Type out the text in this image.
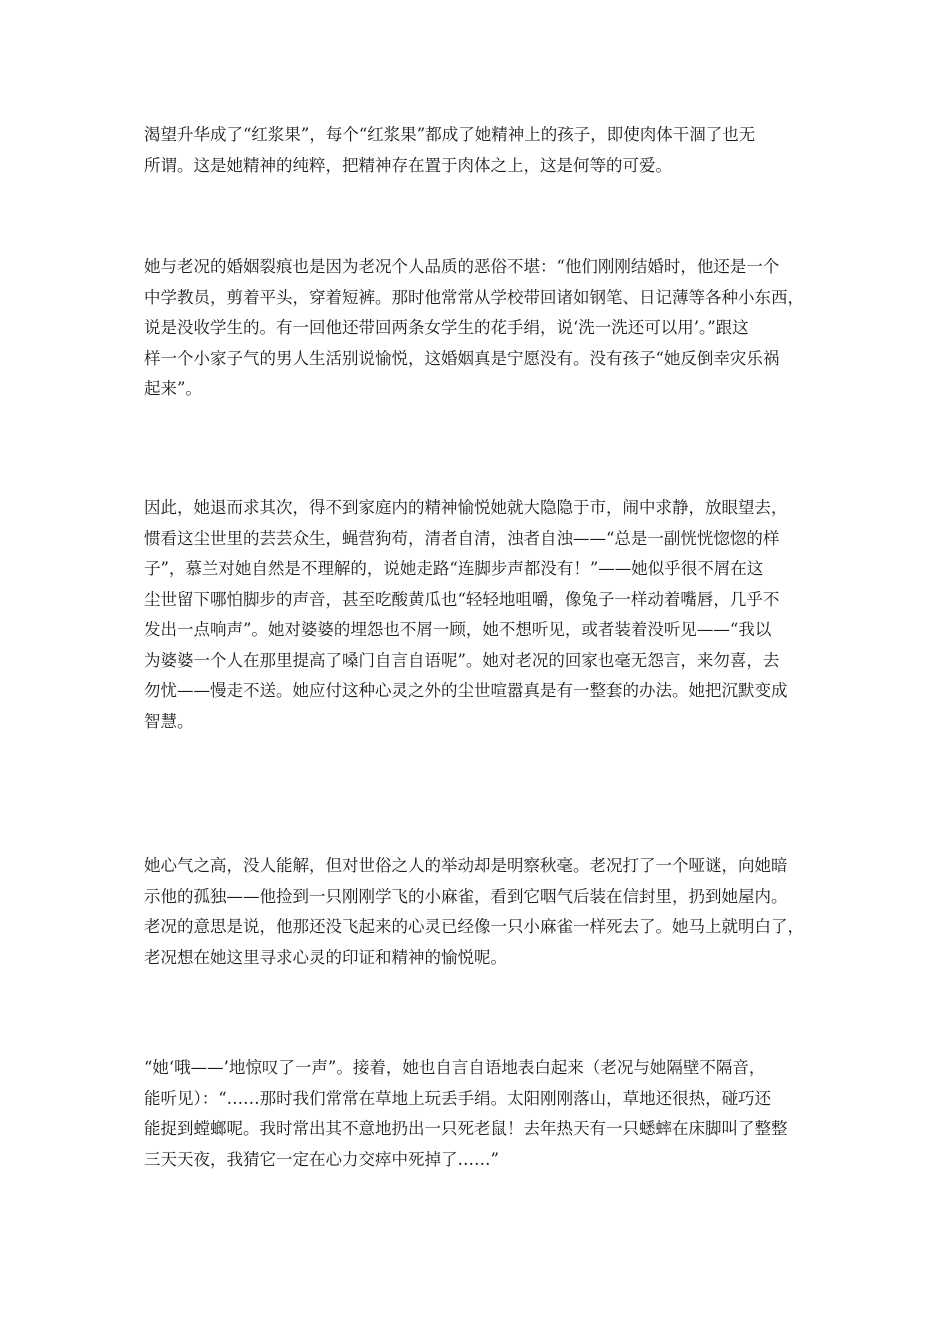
渴望升华成了“红浆果”，每个“红浆果”都成了她精神上的孩子，即使肉体干涸了也无
所谓。这是她精神的纯粹，把精神存在置于肉体之上，这是何等的可爱。

她与老况的婚姻裂痕也是因为老况个人品质的恶俗不堪：“他们刚刚结婚时，他还是一个
中学教员，剪着平头，穿着短裤。那时他常常从学校带回诸如钢笔、日记薄等各种小东西，
说是没收学生的。有一回他还带回两条女学生的花手绢，说‘洗一洗还可以用’。”跟这
样一个小家子气的男人生活别说愉悦，这婚姻真是宁愿没有。没有孩子“她反倒幸灾乐祸
起来”。

因此，她退而求其次，得不到家庭内的精神愉悦她就大隐隐于市，闹中求静，放眼望去，
惯看这尘世里的芸芸众生，蝇营狗苟，清者自清，浊者自浊——“总是一副恍恍惚惚的样
子”，慕兰对她自然是不理解的，说她走路“连脚步声都没有！”——她似乎很不屑在这
尘世留下哪怕脚步的声音，甚至吃酸黄瓜也“轻轻地咀嚼，像兔子一样动着嘴唇，几乎不
发出一点响声”。她对婆婆的埋怨也不屑一顾，她不想听见，或者装着没听见——“我以
为婆婆一个人在那里提高了嗓门自言自语呢”。她对老况的回家也毫无怨言，来勿喜，去
勿忧——慢走不送。她应付这种心灵之外的尘世喧嚣真是有一整套的办法。她把沉默变成
智慧。

她心气之高，没人能解，但对世俗之人的举动却是明察秋毫。老况打了一个哑谜，向她暗
示他的孤独——他捡到一只刚刚学飞的小麻雀，看到它咽气后装在信封里，扔到她屋内。
老况的意思是说，他那还没飞起来的心灵已经像一只小麻雀一样死去了。她马上就明白了，
老况想在她这里寻求心灵的印证和精神的愉悦呢。

“她‘哦——’地惊叹了一声”。接着，她也自言自语地表白起来（老况与她隔壁不隔音，
能听见）：“……那时我们常常在草地上玩丢手绢。太阳刚刚落山，草地还很热，碰巧还
能捉到螳螂呢。我时常出其不意地扔出一只死老鼠！去年热天有一只蟋蟀在床脚叫了整整
三天天夜，我猜它一定在心力交瘁中死掉了……”
